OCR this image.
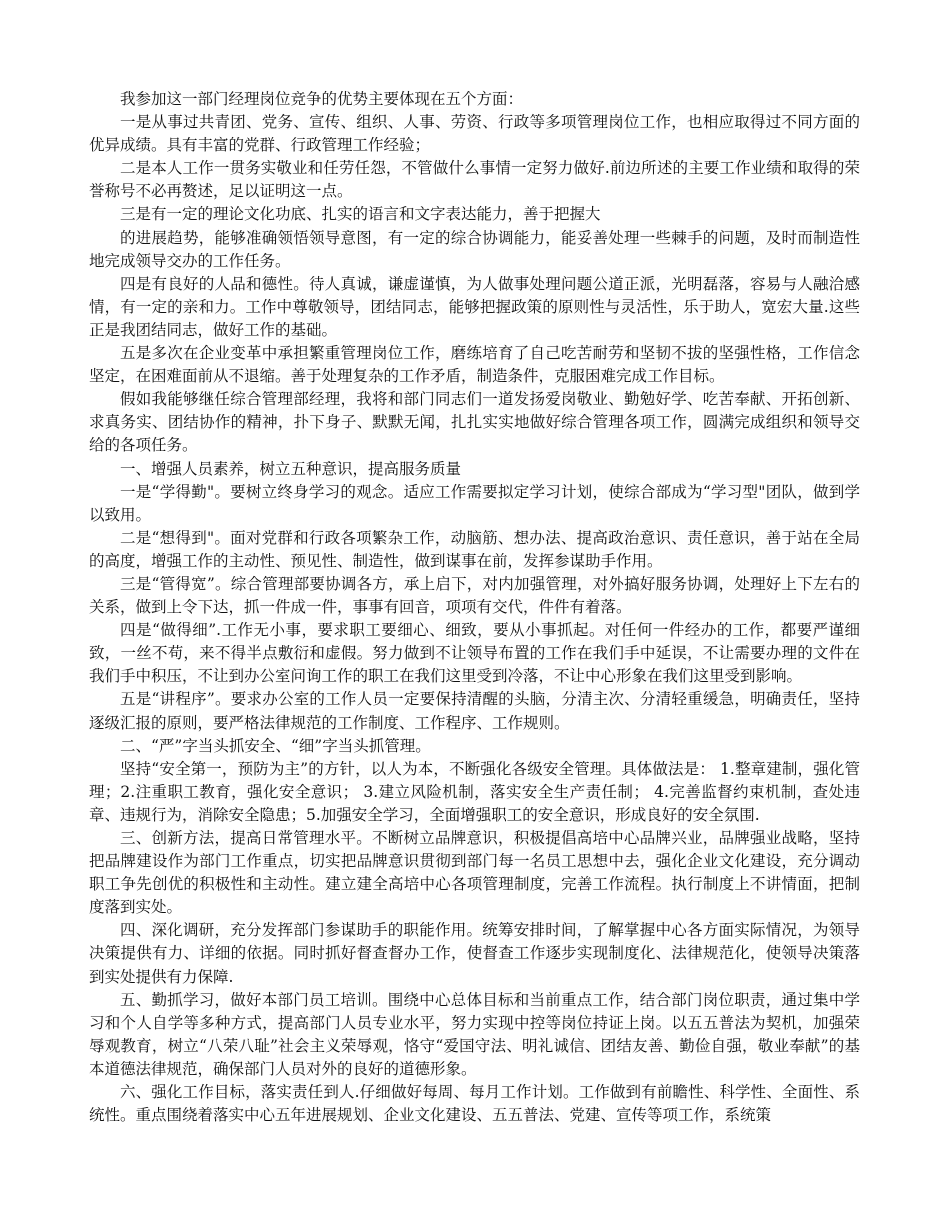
我参加这一部门经理岗位竞争的优势主要体现在五个方面：

一是从事过共青团、党务、宣传、组织、人事、劳资、行政等多项管理岗位工作，也相应取得过不同方面的优异成绩。具有丰富的党群、行政管理工作经验；

二是本人工作一贯务实敬业和任劳任怨，不管做什么事情一定努力做好.前边所述的主要工作业绩和取得的荣誉称号不必再赘述，足以证明这一点。

三是有一定的理论文化功底、扎实的语言和文字表达能力，善于把握大

的进展趋势，能够准确领悟领导意图，有一定的综合协调能力，能妥善处理一些棘手的问题，及时而制造性地完成领导交办的工作任务。

四是有良好的人品和德性。待人真诚，谦虚谨慎，为人做事处理问题公道正派，光明磊落，容易与人融洽感情，有一定的亲和力。工作中尊敬领导，团结同志，能够把握政策的原则性与灵活性，乐于助人，宽宏大量.这些正是我团结同志，做好工作的基础。

五是多次在企业变革中承担繁重管理岗位工作，磨练培育了自己吃苦耐劳和坚韧不拔的坚强性格，工作信念坚定，在困难面前从不退缩。善于处理复杂的工作矛盾，制造条件，克服困难完成工作目标。

假如我能够继任综合管理部经理，我将和部门同志们一道发扬爱岗敬业、勤勉好学、吃苦奉献、开拓创新、求真务实、团结协作的精神，扑下身子、默默无闻，扎扎实实地做好综合管理各项工作，圆满完成组织和领导交给的各项任务。

一、增强人员素养，树立五种意识，提高服务质量

一是“学得勤"。要树立终身学习的观念。适应工作需要拟定学习计划，使综合部成为“学习型"团队，做到学以致用。

二是“想得到"。面对党群和行政各项繁杂工作，动脑筋、想办法、提高政治意识、责任意识，善于站在全局的高度，增强工作的主动性、预见性、制造性，做到谋事在前，发挥参谋助手作用。

三是“管得宽”。综合管理部要协调各方，承上启下，对内加强管理，对外搞好服务协调，处理好上下左右的关系，做到上令下达，抓一件成一件，事事有回音，项项有交代，件件有着落。

四是“做得细”.工作无小事，要求职工要细心、细致，要从小事抓起。对任何一件经办的工作，都要严谨细致，一丝不苟，来不得半点敷衍和虚假。努力做到不让领导布置的工作在我们手中延误，不让需要办理的文件在我们手中积压，不让到办公室问询工作的职工在我们这里受到冷落，不让中心形象在我们这里受到影响。

五是“讲程序”。要求办公室的工作人员一定要保持清醒的头脑，分清主次、分清轻重缓急，明确责任，坚持逐级汇报的原则，要严格法律规范的工作制度、工作程序、工作规则。

二、“严”字当头抓安全、“细”字当头抓管理。

坚持“安全第一，预防为主”的方针，以人为本，不断强化各级安全管理。具体做法是： 1.整章建制，强化管理；2.注重职工教育，强化安全意识； 3.建立风险机制，落实安全生产责任制； 4.完善监督约束机制，查处违章、违规行为，消除安全隐患；5.加强安全学习，全面增强职工的安全意识，形成良好的安全氛围.

三、创新方法，提高日常管理水平。不断树立品牌意识，积极提倡高培中心品牌兴业，品牌强业战略，坚持把品牌建设作为部门工作重点，切实把品牌意识贯彻到部门每一名员工思想中去，强化企业文化建设，充分调动职工争先创优的积极性和主动性。建立建全高培中心各项管理制度，完善工作流程。执行制度上不讲情面，把制度落到实处。

四、深化调研，充分发挥部门参谋助手的职能作用。统筹安排时间，了解掌握中心各方面实际情况，为领导决策提供有力、详细的依据。同时抓好督查督办工作，使督查工作逐步实现制度化、法律规范化，使领导决策落到实处提供有力保障.

五、勤抓学习，做好本部门员工培训。围绕中心总体目标和当前重点工作，结合部门岗位职责，通过集中学习和个人自学等多种方式，提高部门人员专业水平，努力实现中控等岗位持证上岗。以五五普法为契机，加强荣辱观教育，树立“八荣八耻”社会主义荣辱观，恪守“爱国守法、明礼诚信、团结友善、勤俭自强，敬业奉献”的基本道德法律规范，确保部门人员对外的良好的道德形象。

六、强化工作目标，落实责任到人.仔细做好每周、每月工作计划。工作做到有前瞻性、科学性、全面性、系统性。重点围绕着落实中心五年进展规划、企业文化建设、五五普法、党建、宣传等项工作，系统策
